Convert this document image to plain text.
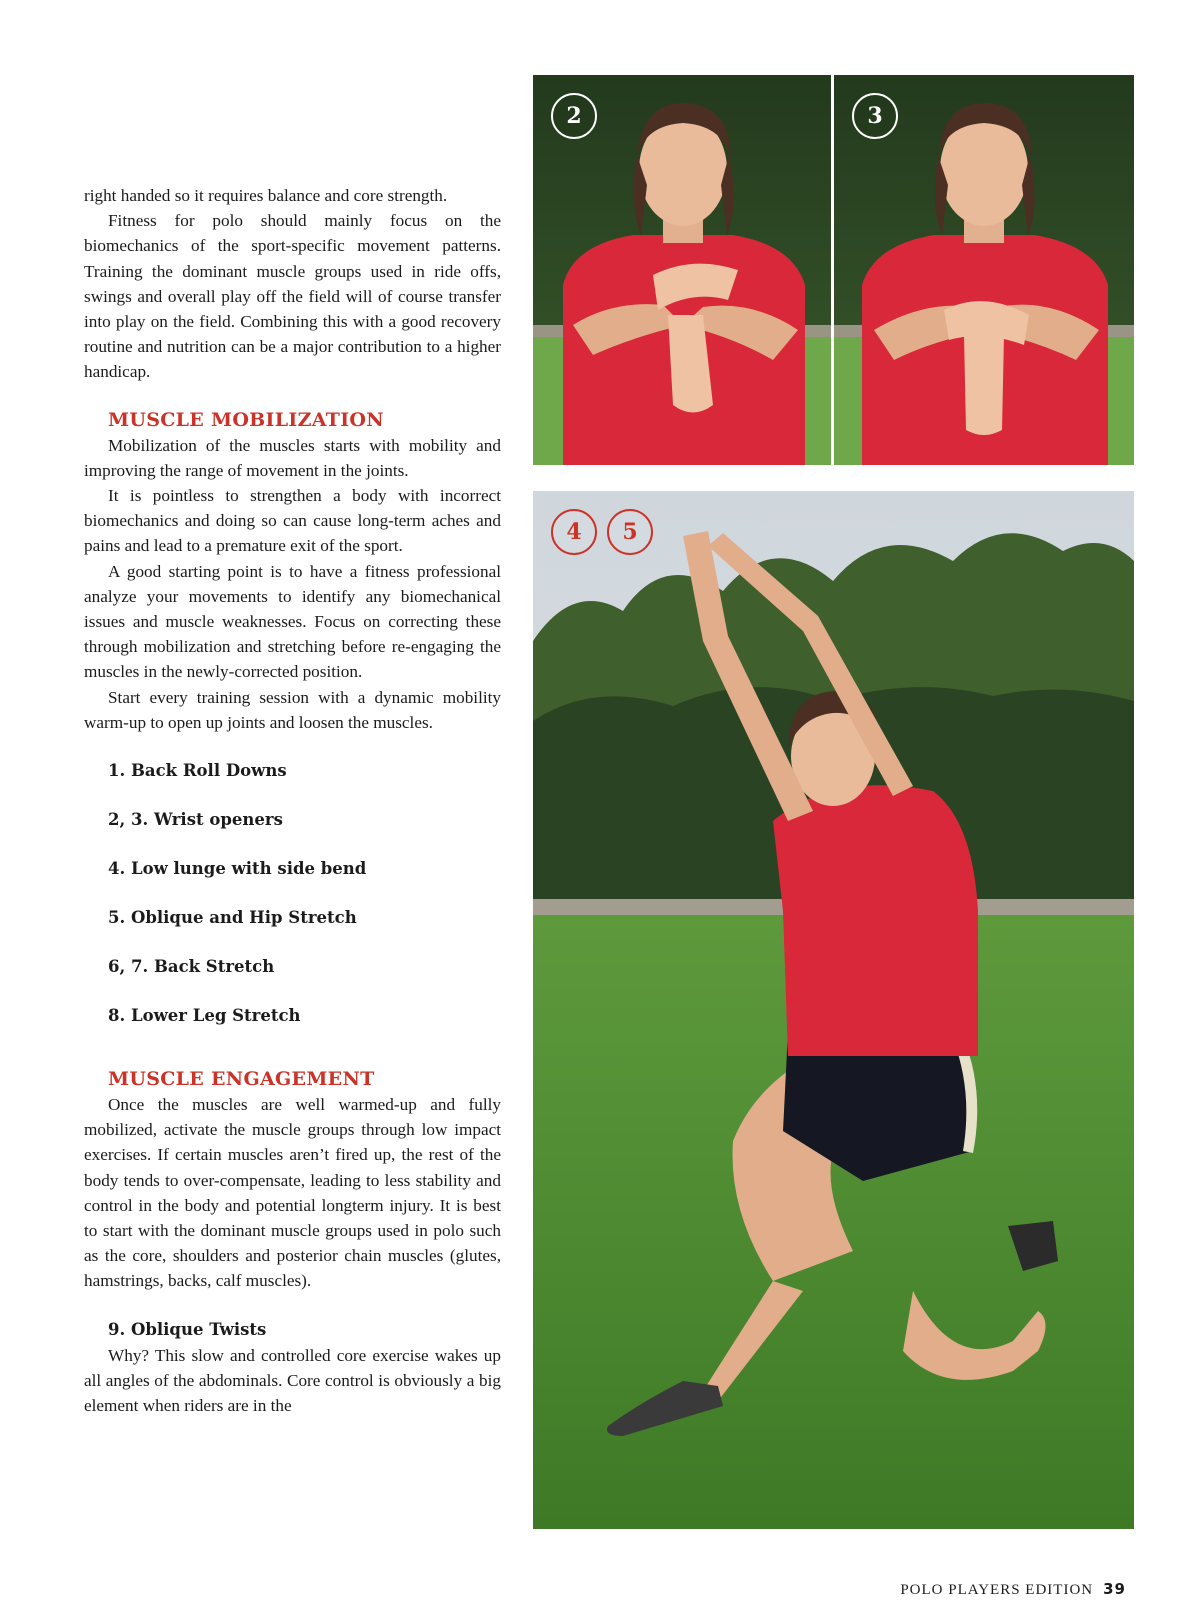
right handed so it requires balance and core strength.

Fitness for polo should mainly focus on the biomechanics of the sport-specific movement patterns. Training the dominant muscle groups used in ride offs, swings and overall play off the field will of course transfer into play on the field. Combining this with a good recovery routine and nutrition can be a major contribution to a higher handicap.

MUSCLE MOBILIZATION

Mobilization of the muscles starts with mobility and improving the range of movement in the joints.

It is pointless to strengthen a body with incorrect biomechanics and doing so can cause long-term aches and pains and lead to a premature exit of the sport.

A good starting point is to have a fitness professional analyze your movements to identify any biomechanical issues and muscle weaknesses. Focus on correcting these through mobilization and stretching before re-engaging the muscles in the newly-corrected position.

Start every training session with a dynamic mobility warm-up to open up joints and loosen the muscles.

1. Back Roll Downs
2, 3. Wrist openers
4. Low lunge with side bend
5. Oblique and Hip Stretch
6, 7. Back Stretch
8. Lower Leg Stretch
MUSCLE ENGAGEMENT

Once the muscles are well warmed-up and fully mobilized, activate the muscle groups through low impact exercises. If certain muscles aren’t fired up, the rest of the body tends to over-compensate, leading to less stability and control in the body and potential longterm injury. It is best to start with the dominant muscle groups used in polo such as the core, shoulders and posterior chain muscles (glutes, hamstrings, backs, calf muscles).

9. Oblique Twists

Why? This slow and controlled core exercise wakes up all angles of the abdominals. Core control is obviously a big element when riders are in the

2	3
4	5
POLO PLAYERS EDITION 39
